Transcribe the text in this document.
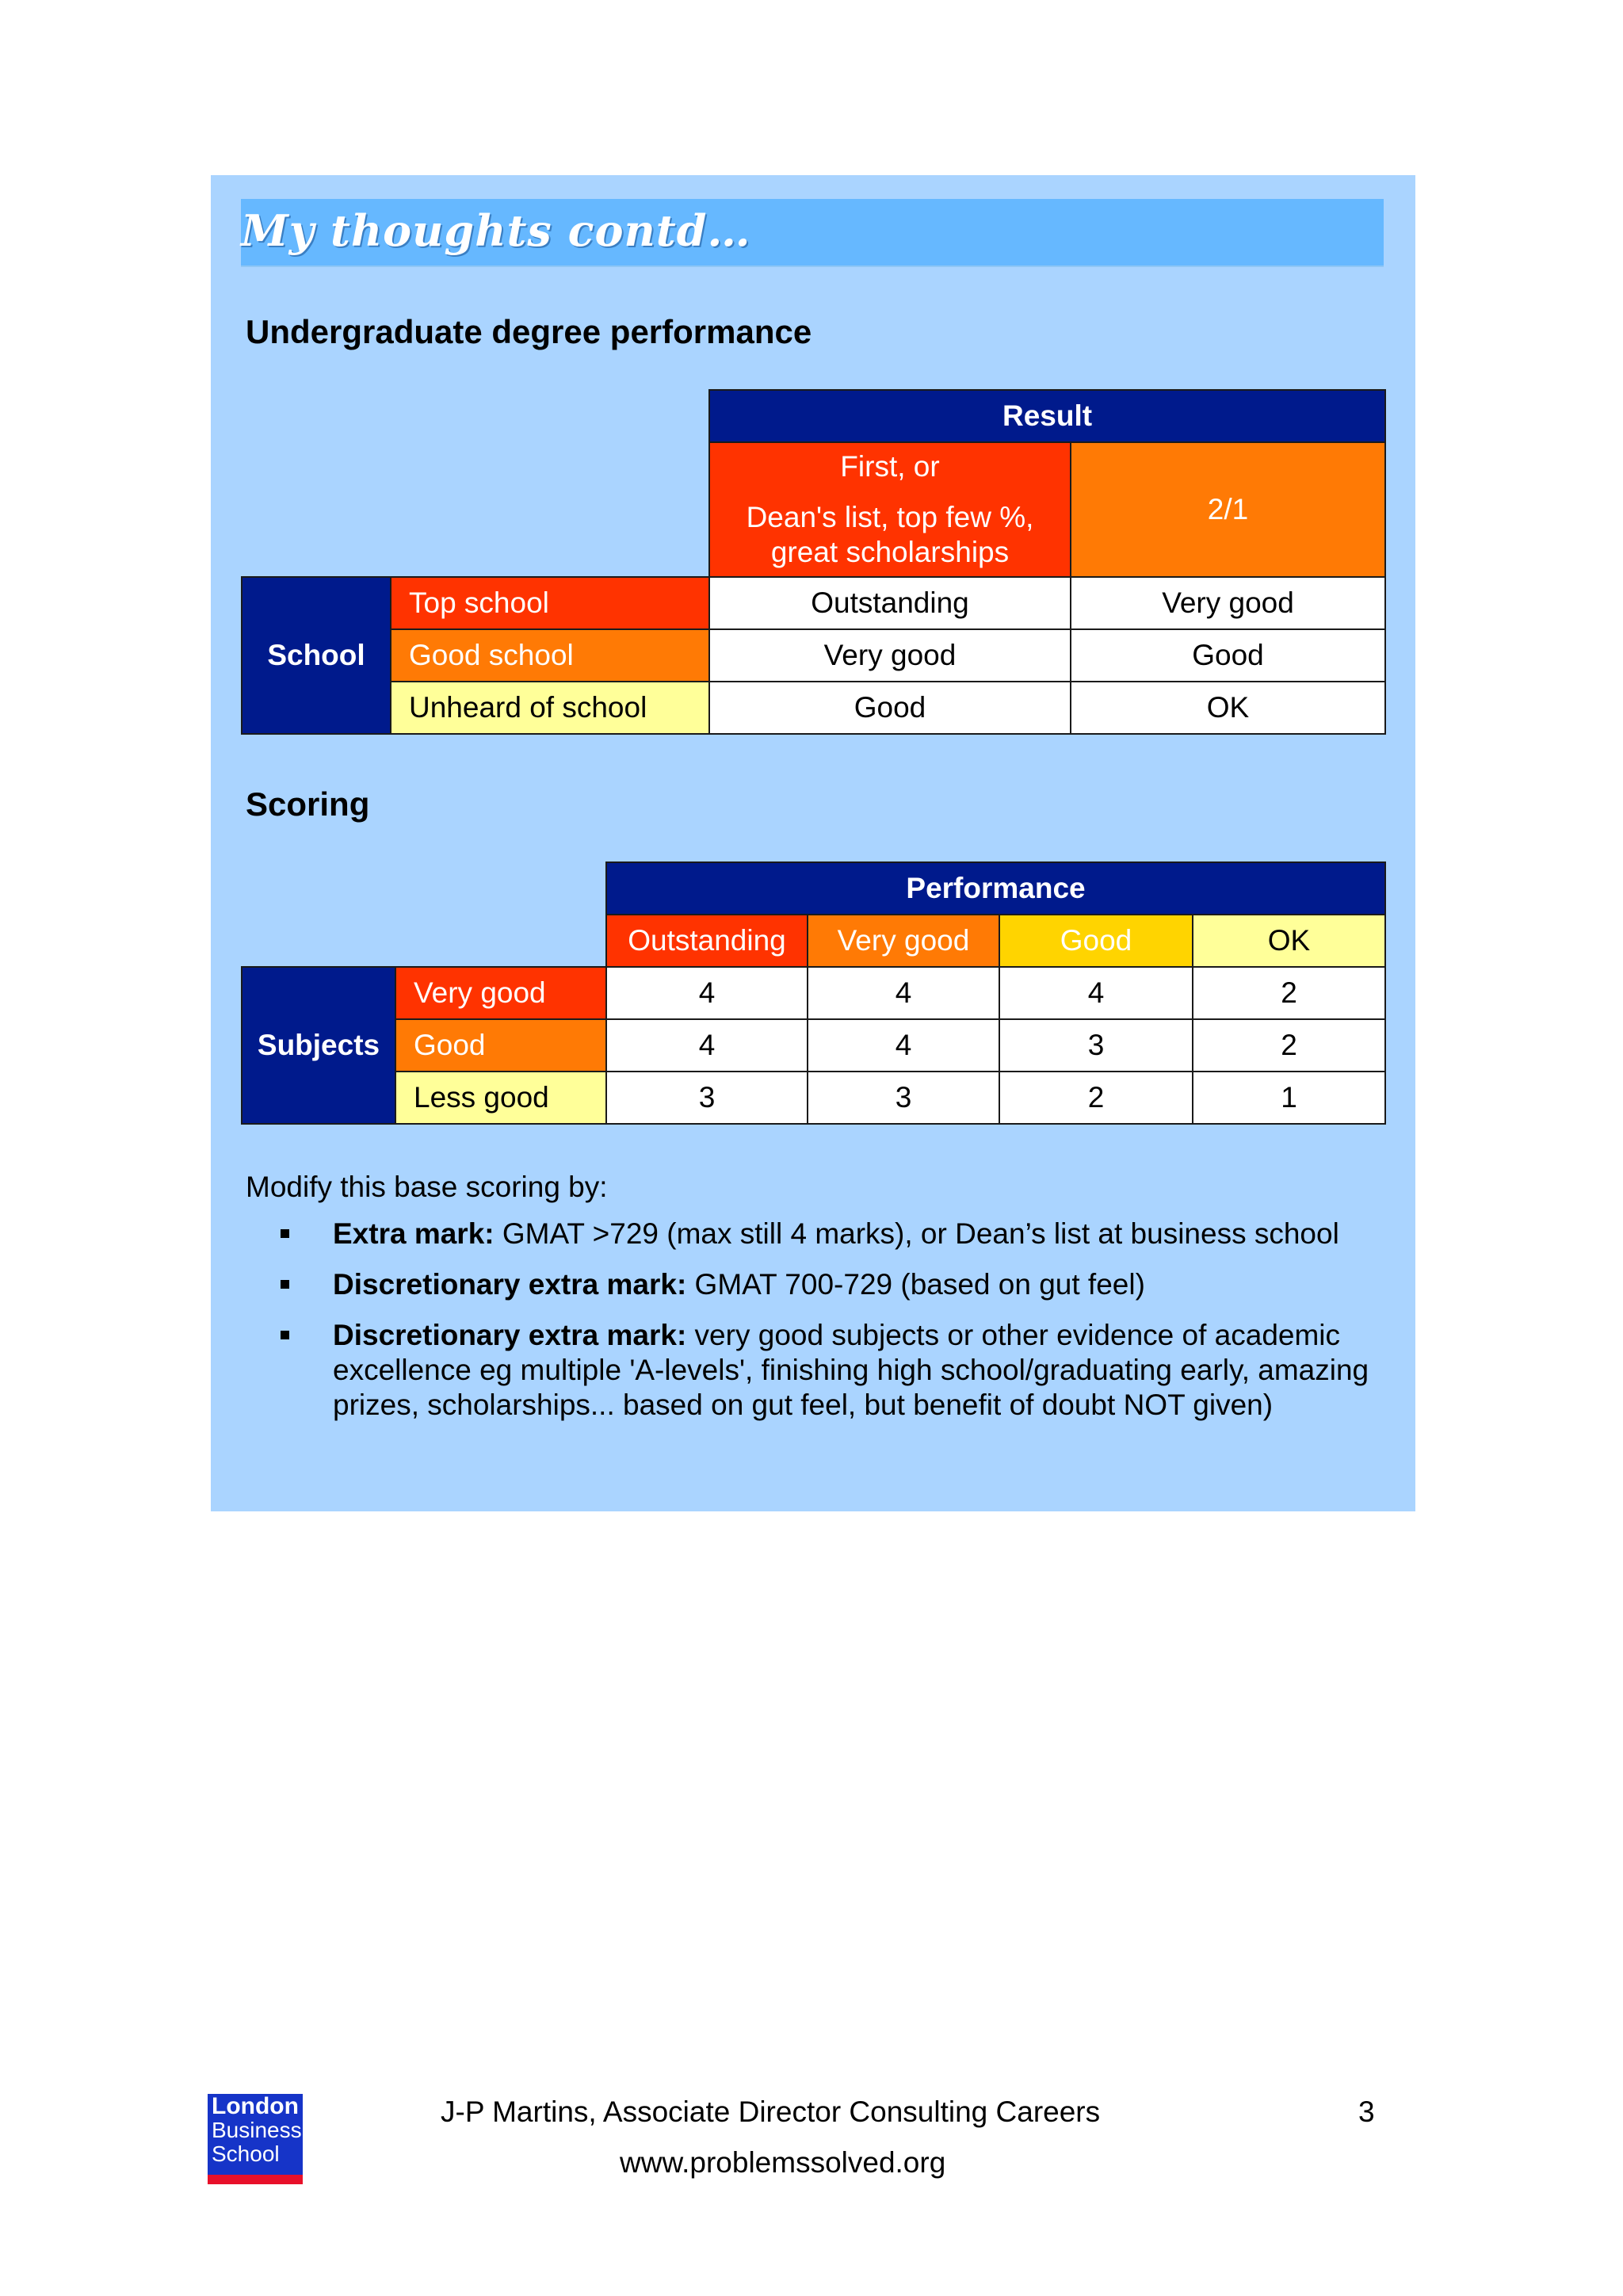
My thoughts contd…
Undergraduate degree performance
		Result	

		First, or
Dean's list, top few %,
great scholarships	2/1
School	Top school	Outstanding	Very good
	Good school	Very good	Good
	Unheard of school	Good	OK
Scoring
		Performance			
		Outstanding	Very good	Good	OK
Subjects	Very good	4	4	4	2
	Good	4	4	3	2
	Less good	3	3	2	1
Modify this base scoring by:
Extra mark: GMAT >729 (max still 4 marks), or Dean’s list at business school
Discretionary extra mark: GMAT 700-729 (based on gut feel)
Discretionary extra mark: very good subjects or other evidence of academic excellence eg multiple 'A-levels', finishing high school/graduating early, amazing prizes, scholarships... based on gut feel, but benefit of doubt NOT given)
London
Business
School
J-P Martins, Associate Director Consulting Careers
www.problemssolved.org
3
